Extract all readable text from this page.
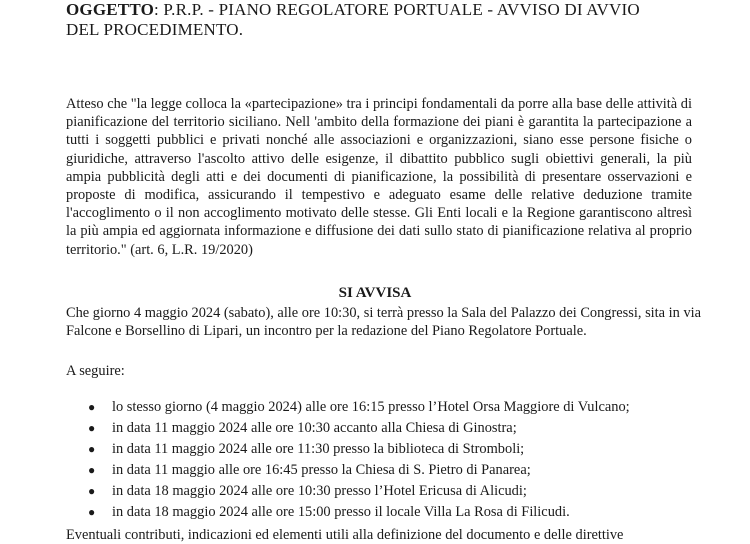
OGGETTO: P.R.P. - PIANO REGOLATORE PORTUALE - AVVISO DI AVVIO
DEL PROCEDIMENTO.
Atteso che "la legge colloca la «partecipazione» tra i principi fondamentali da porre alla base delle attività di pianificazione del territorio siciliano. Nell 'ambito della formazione dei piani è garantita la partecipazione a tutti i soggetti pubblici e privati nonché alle associazioni e organizzazioni, siano esse persone fisiche o giuridiche, attraverso l'ascolto attivo delle esigenze, il dibattito pubblico sugli obiettivi generali, la più ampia pubblicità degli atti e dei documenti di pianificazione, la possibilità di presentare osservazioni e proposte di modifica, assicurando il tempestivo e adeguato esame delle relative deduzione tramite l'accoglimento o il non accoglimento motivato delle stesse. Gli Enti locali e la Regione garantiscono altresì la più ampia ed aggiornata informazione e diffusione dei dati sullo stato di pianificazione relativa al proprio territorio." (art. 6, L.R. 19/2020)
SI AVVISA
Che giorno 4 maggio 2024 (sabato), alle ore 10:30, si terrà presso la Sala del Palazzo dei Congressi, sita in via Falcone e Borsellino di Lipari, un incontro per la redazione del Piano Regolatore Portuale.
A seguire:
● lo stesso giorno (4 maggio 2024) alle ore 16:15 presso l’Hotel Orsa Maggiore di Vulcano;
● in data 11 maggio 2024 alle ore 10:30 accanto alla Chiesa di Ginostra;
● in data 11 maggio 2024 alle ore 11:30 presso la biblioteca di Stromboli;
● in data 11 maggio alle ore 16:45 presso la Chiesa di S. Pietro di Panarea;
● in data 18 maggio 2024 alle ore 10:30 presso l’Hotel Ericusa di Alicudi;
● in data 18 maggio 2024 alle ore 15:00 presso il locale Villa La Rosa di Filicudi.
Eventuali contributi, indicazioni ed elementi utili alla definizione del documento e delle direttive
